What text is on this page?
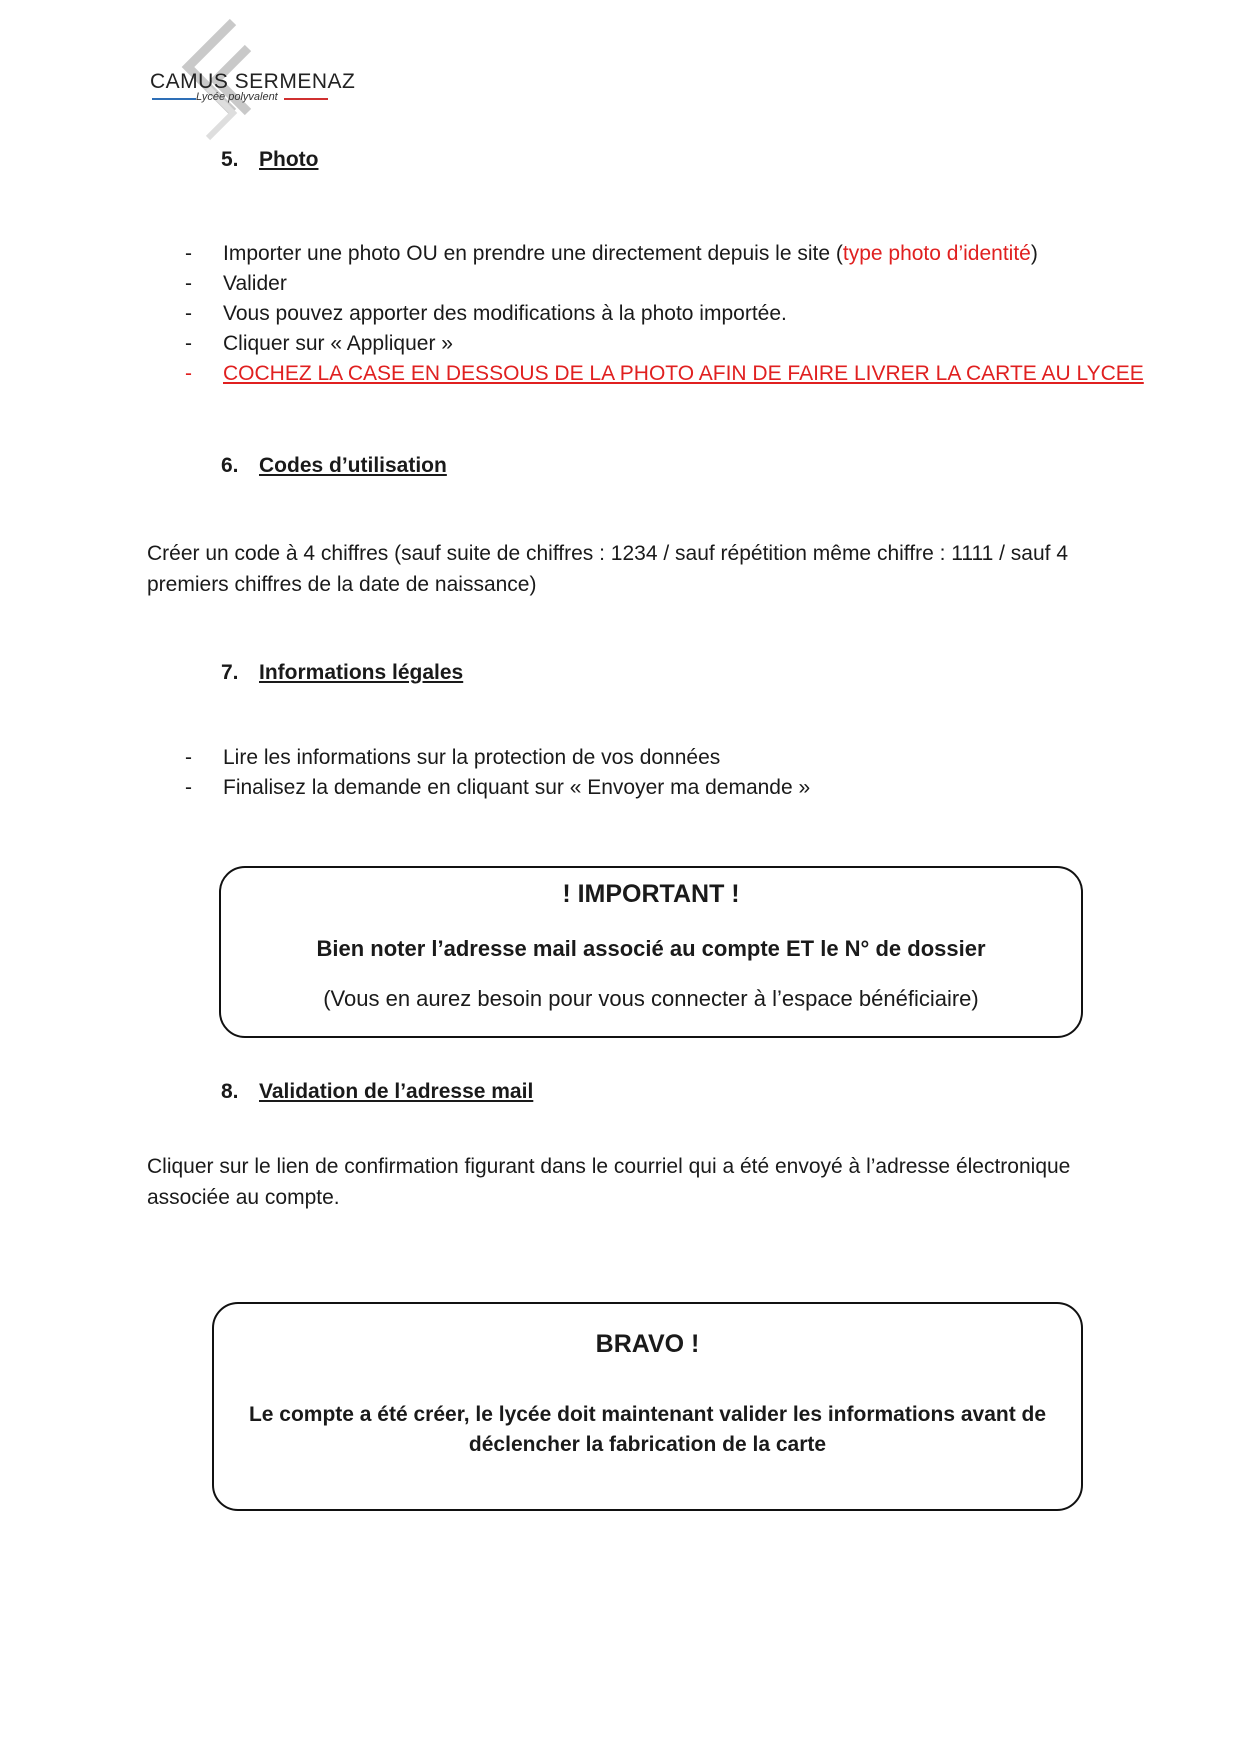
CAMUS SERMENAZ
Lycée polyvalent
5. Photo
- Importer une photo OU en prendre une directement depuis le site (type photo d’identité)
- Valider
- Vous pouvez apporter des modifications à la photo importée.
- Cliquer sur « Appliquer »
- COCHEZ LA CASE EN DESSOUS DE LA PHOTO AFIN DE FAIRE LIVRER LA CARTE AU LYCEE
6. Codes d’utilisation
Créer un code à 4 chiffres (sauf suite de chiffres : 1234 / sauf répétition même chiffre : 1111 / sauf 4
premiers chiffres de la date de naissance)
7. Informations légales
- Lire les informations sur la protection de vos données
- Finalisez la demande en cliquant sur « Envoyer ma demande »
! IMPORTANT !
Bien noter l’adresse mail associé au compte ET le N° de dossier
(Vous en aurez besoin pour vous connecter à l’espace bénéficiaire)
8. Validation de l’adresse mail
Cliquer sur le lien de confirmation figurant dans le courriel qui a été envoyé à l’adresse électronique
associée au compte.
BRAVO !
Le compte a été créer, le lycée doit maintenant valider les informations avant de
déclencher la fabrication de la carte
